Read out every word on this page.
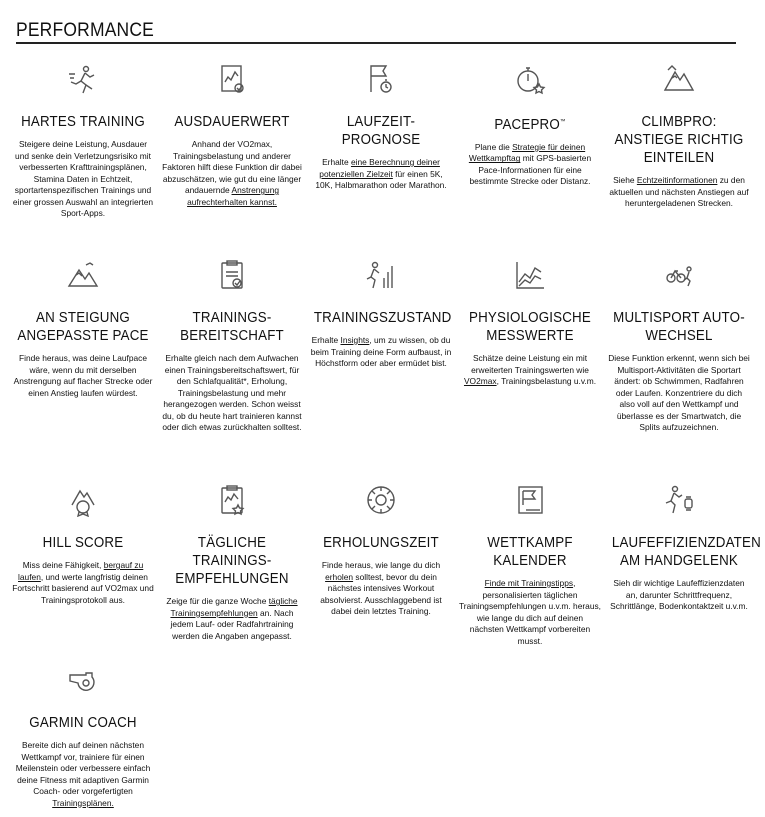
PERFORMANCE
HARTES TRAINING

Steigere deine Leistung, Ausdauer und senke dein Verletzungsrisiko mit verbesserten Krafttrainingsplänen, Stamina Daten in Echtzeit, sportartenspezifischen Trainings und einer grossen Auswahl an integrierten Sport-Apps.

AUSDAUERWERT

Anhand der VO2max, Trainingsbelastung und anderer Faktoren hilft diese Funktion dir dabei abzuschätzen, wie gut du eine länger andauernde Anstrengung aufrechterhalten kannst.

LAUFZEIT-PROGNOSE

Erhalte eine Berechnung deiner potenziellen Zielzeit für einen 5K, 10K, Halbmarathon oder Marathon.

PACEPRO™

Plane die Strategie für deinen Wettkampftag mit GPS-basierten Pace-Informationen für eine bestimmte Strecke oder Distanz.

CLIMBPRO: ANSTIEGE RICHTIG EINTEILEN

Siehe Echtzeitinformationen zu den aktuellen und nächsten Anstiegen auf heruntergeladenen Strecken.

AN STEIGUNG ANGEPASSTE PACE

Finde heraus, was deine Laufpace wäre, wenn du mit derselben Anstrengung auf flacher Strecke oder einen Anstieg laufen würdest.

TRAININGS-BEREITSCHAFT

Erhalte gleich nach dem Aufwachen einen Trainingsbereitschaftswert, für den Schlafqualität*, Erholung, Trainingsbelastung und mehr herangezogen werden. Schon weisst du, ob du heute hart trainieren kannst oder dich etwas zurückhalten solltest.

TRAININGSZUSTAND

Erhalte Insights, um zu wissen, ob du beim Training deine Form aufbaust, in Höchstform oder aber ermüdet bist.

PHYSIOLOGISCHE MESSWERTE

Schätze deine Leistung ein mit erweiterten Trainingswerten wie VO2max, Trainingsbelastung u.v.m.

MULTISPORT AUTO-WECHSEL

Diese Funktion erkennt, wenn sich bei Multisport-Aktivitäten die Sportart ändert: ob Schwimmen, Radfahren oder Laufen. Konzentriere du dich also voll auf den Wettkampf und überlasse es der Smartwatch, die Splits aufzuzeichnen.

HILL SCORE

Miss deine Fähigkeit, bergauf zu laufen, und werte langfristig deinen Fortschritt basierend auf VO2max und Trainingsprotokoll aus.

TÄGLICHE TRAININGS-EMPFEHLUNGEN

Zeige für die ganze Woche tägliche Trainingsempfehlungen an. Nach jedem Lauf- oder Radfahrtraining werden die Angaben angepasst.

ERHOLUNGSZEIT

Finde heraus, wie lange du dich erholen solltest, bevor du dein nächstes intensives Workout absolvierst. Ausschlaggebend ist dabei dein letztes Training.

WETTKAMPF KALENDER

Finde mit Trainingstipps, personalisierten täglichen Trainingsempfehlungen u.v.m. heraus, wie lange du dich auf deinen nächsten Wettkampf vorbereiten musst.

LAUFEFFIZIENZDATEN AM HANDGELENK

Sieh dir wichtige Laufeffizienzdaten an, darunter Schrittfrequenz, Schrittlänge, Bodenkontaktzeit u.v.m.

GARMIN COACH

Bereite dich auf deinen nächsten Wettkampf vor, trainiere für einen Meilenstein oder verbessere einfach deine Fitness mit adaptiven Garmin Coach- oder vorgefertigten Trainingsplänen.
